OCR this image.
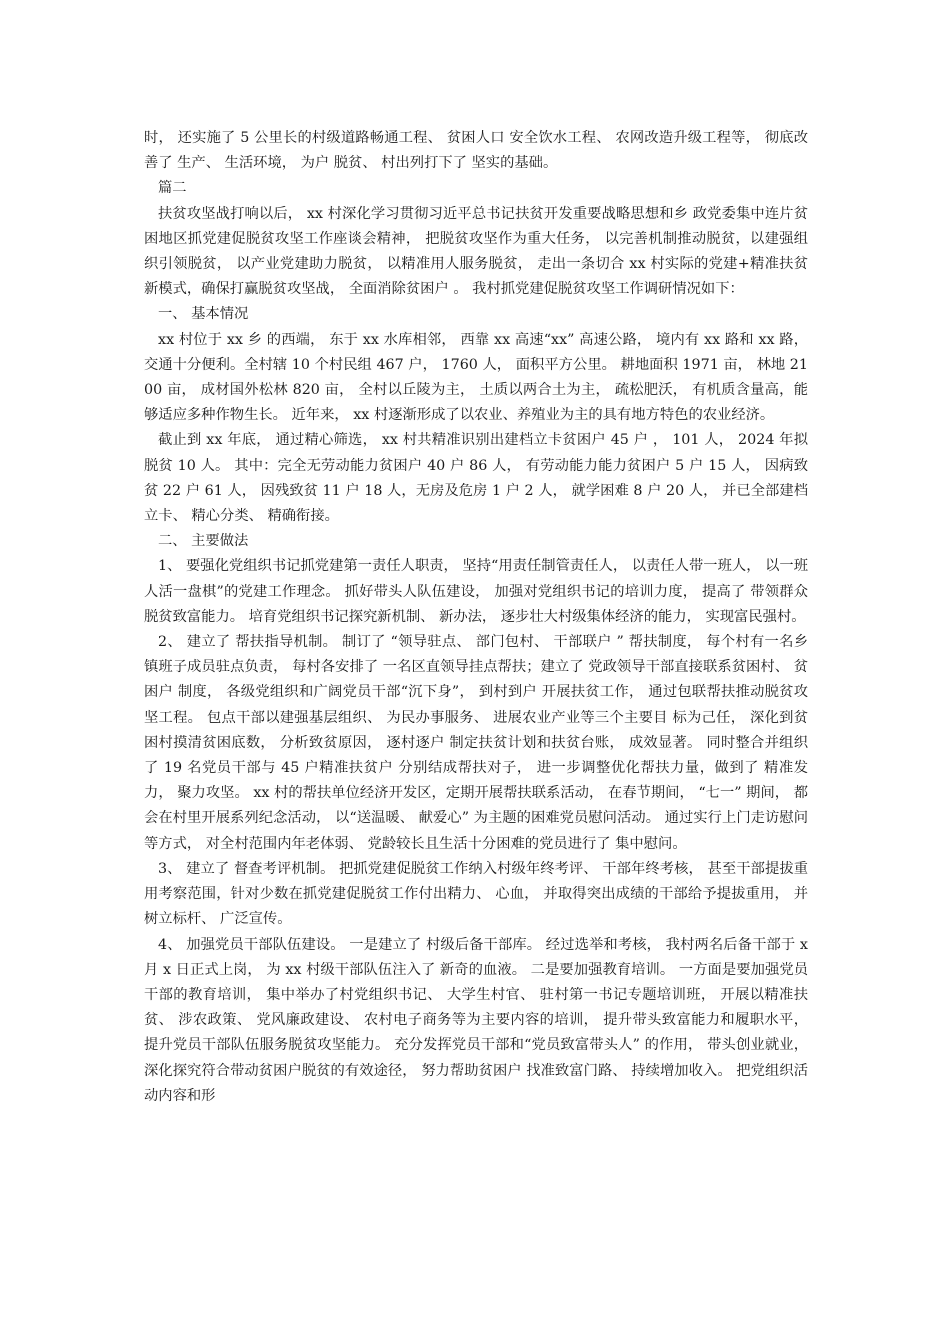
时， 还实施了 5 公里长的村级道路畅通工程、 贫困人口 安全饮水工程、 农网改造升级工程等， 彻底改善了 生产、 生活环境， 为户 脱贫、 村出列打下了 坚实的基础。

篇二

扶贫攻坚战打响以后， xx 村深化学习贯彻习近平总书记扶贫开发重要战略思想和乡 政党委集中连片贫困地区抓党建促脱贫攻坚工作座谈会精神， 把脱贫攻坚作为重大任务， 以完善机制推动脱贫，以建强组织引领脱贫， 以产业党建助力脱贫， 以精准用人服务脱贫， 走出一条切合 xx 村实际的党建+精准扶贫新模式，确保打赢脱贫攻坚战， 全面消除贫困户 。 我村抓党建促脱贫攻坚工作调研情况如下：

一、 基本情况

xx 村位于 xx 乡 的西端， 东于 xx 水库相邻， 西靠 xx 高速“xx” 高速公路， 境内有 xx 路和 xx 路， 交通十分便利。全村辖 10 个村民组 467 户， 1760 人， 面积平方公里。 耕地面积 1971 亩， 林地 2100 亩， 成材国外松林 820 亩， 全村以丘陵为主， 土质以两合土为主， 疏松肥沃， 有机质含量高，能够适应多种作物生长。 近年来， xx 村逐渐形成了以农业、养殖业为主的具有地方特色的农业经济。

截止到 xx 年底， 通过精心筛选， xx 村共精准识别出建档立卡贫困户 45 户 ， 101 人， 2024 年拟脱贫 10 人。 其中：完全无劳动能力贫困户 40 户 86 人， 有劳动能力能力贫困户 5 户 15 人， 因病致贫 22 户 61 人， 因残致贫 11 户 18 人，无房及危房 1 户 2 人， 就学困难 8 户 20 人， 并已全部建档立卡、 精心分类、 精确衔接。

二、 主要做法

1、 要强化党组织书记抓党建第一责任人职责， 坚持“用责任制管责任人， 以责任人带一班人， 以一班人活一盘棋”的党建工作理念。 抓好带头人队伍建设， 加强对党组织书记的培训力度， 提高了 带领群众脱贫致富能力。 培育党组织书记探究新机制、 新办法， 逐步壮大村级集体经济的能力， 实现富民强村。

2、 建立了 帮扶指导机制。 制订了 “领导驻点、 部门包村、 干部联户 ” 帮扶制度， 每个村有一名乡 镇班子成员驻点负责， 每村各安排了 一名区直领导挂点帮扶；建立了 党政领导干部直接联系贫困村、 贫困户 制度， 各级党组织和广阔党员干部“沉下身”， 到村到户 开展扶贫工作， 通过包联帮扶推动脱贫攻坚工程。 包点干部以建强基层组织、 为民办事服务、 进展农业产业等三个主要目 标为己任， 深化到贫困村摸清贫困底数， 分析致贫原因， 逐村逐户 制定扶贫计划和扶贫台账， 成效显著。 同时整合并组织了 19 名党员干部与 45 户精准扶贫户 分别结成帮扶对子， 进一步调整优化帮扶力量，做到了 精准发力， 聚力攻坚。 xx 村的帮扶单位经济开发区，定期开展帮扶联系活动， 在春节期间， “七一” 期间， 都会在村里开展系列纪念活动， 以“送温暖、 献爱心” 为主题的困难党员慰问活动。 通过实行上门走访慰问等方式， 对全村范围内年老体弱、 党龄较长且生活十分困难的党员进行了 集中慰问。

3、 建立了 督查考评机制。 把抓党建促脱贫工作纳入村级年终考评、 干部年终考核， 甚至干部提拔重用考察范围，针对少数在抓党建促脱贫工作付出精力、 心血， 并取得突出成绩的干部给予提拔重用， 并树立标杆、 广泛宣传。

4、 加强党员干部队伍建设。 一是建立了 村级后备干部库。 经过选举和考核， 我村两名后备干部于 x 月 x 日正式上岗， 为 xx 村级干部队伍注入了 新奇的血液。 二是要加强教育培训。 一方面是要加强党员干部的教育培训， 集中举办了村党组织书记、 大学生村官、 驻村第一书记专题培训班， 开展以精准扶贫、 涉农政策、 党风廉政建设、 农村电子商务等为主要内容的培训， 提升带头致富能力和履职水平， 提升党员干部队伍服务脱贫攻坚能力。 充分发挥党员干部和“党员致富带头人” 的作用， 带头创业就业， 深化探究符合带动贫困户脱贫的有效途径， 努力帮助贫困户 找准致富门路、 持续增加收入。 把党组织活动内容和形
